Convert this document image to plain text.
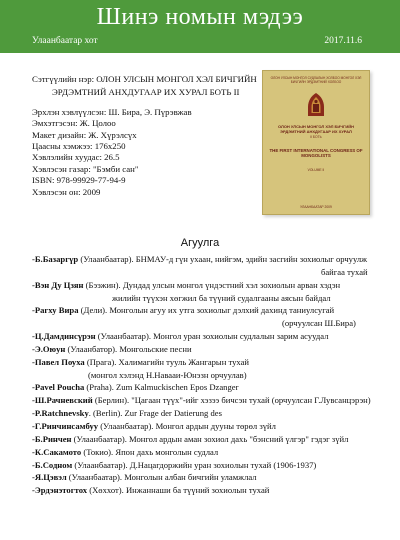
Шинэ номын мэдээ
Улаанбаатар хот	2017.11.6
Сэтгүүлийн нэр: ОЛОН УЛСЫН МОНГОЛ ХЭЛ БИЧГИЙН
ЭРДЭМТНИЙ АНХДУГААР ИХ ХУРАЛ БОТЬ II
Эрхлэн хэвлүүлсэн: Ш. Бира, Э. Пүрэвжав
Эмхэтгэсэн: Ж. Цолоо
Макет дизайн: Ж. Хүрэлсүх
Цаасны хэмжээ: 176х250
Хэвлэлийн хуудас: 26.5
Хэвлэсэн газар: "Бэмби сан"
ISBN: 978-99929-77-94-9
Хэвлэсэн он: 2009
ОЛОН УЛСЫН МОНГОЛ СУДЛАЛЫН ХОЛБОО МОНГОЛ ХЭЛ БИЧГИЙН ЭРДЭМТНИЙ ХОЛБОО
ОЛОН УЛСЫН МОНГОЛ ХЭЛ БИЧГИЙН ЭРДЭМТНИЙ АНХДУГААР ИХ ХУРАЛ
II БОТЬ
THE FIRST INTERNATIONAL CONGRESS OF MONGOLISTS
VOLUME II
УЛААНБААТАР 2009
Агуулга
-Б.Базаргүр (Улаанбаатар). БНМАУ-д гүн ухаан, нийгэм, эдийн засгийн зохиолыг орчуулж
байгаа тухай
-Вэн Ду Цзян (Бээжин). Дундад улсын монгол үндэстний хэл зохиолын арван хэдэн
жилийн түүхэн хөгжил ба түүний судалгааны аясын байдал
-Рагху Вира (Дели). Монголын агуу их утга зохиолыг дэлхий дахинд таниулсугай
(орчуулсан Ш.Бира)
-Ц.Дамдинсүрэн (Улаанбаатар). Монгол уран зохиолын судлалын зарим асуудал
-Э.Оюун (Улаанбатор). Монгольские песни
-Павел Поуха (Прага). Халимагийн тууль Жангарын тухай
(монгол хэлэнд Н.Навааи-Юнэзн орчуулав)
-Pavel Poucha (Praha). Zum Kalmuckischen Epos Dzanger
-Ш.Рачневский (Берлин). "Цагаан түүх"-ийг хэзээ бичсэн тухай (орчуулсан Г.Лувсанцэрэн)
-P.Ratchnevsky. (Berlin). Zur Frage der Datierung des
-Г.Ринчинсамбуу (Улаанбаатар). Монгол ардын дууны төрөл зүйл
-Б.Ринчен (Улаанбаатар). Монгол ардын аман зохиол дахь "бэнсний үлгэр" гэдэг зүйл
-К.Сакамото (Токио). Япон дахь монголын судлал
-Б.Содном (Улаанбаатар). Д.Нацагдоржийн уран зохиолын тухай (1906-1937)
-Я.Цэвэл (Улаанбаатар). Монголын албан бичгийн уламжлал
-Эрдэнэтогтох (Хөххот). Инжаннаши ба түүний зохиолын тухай
